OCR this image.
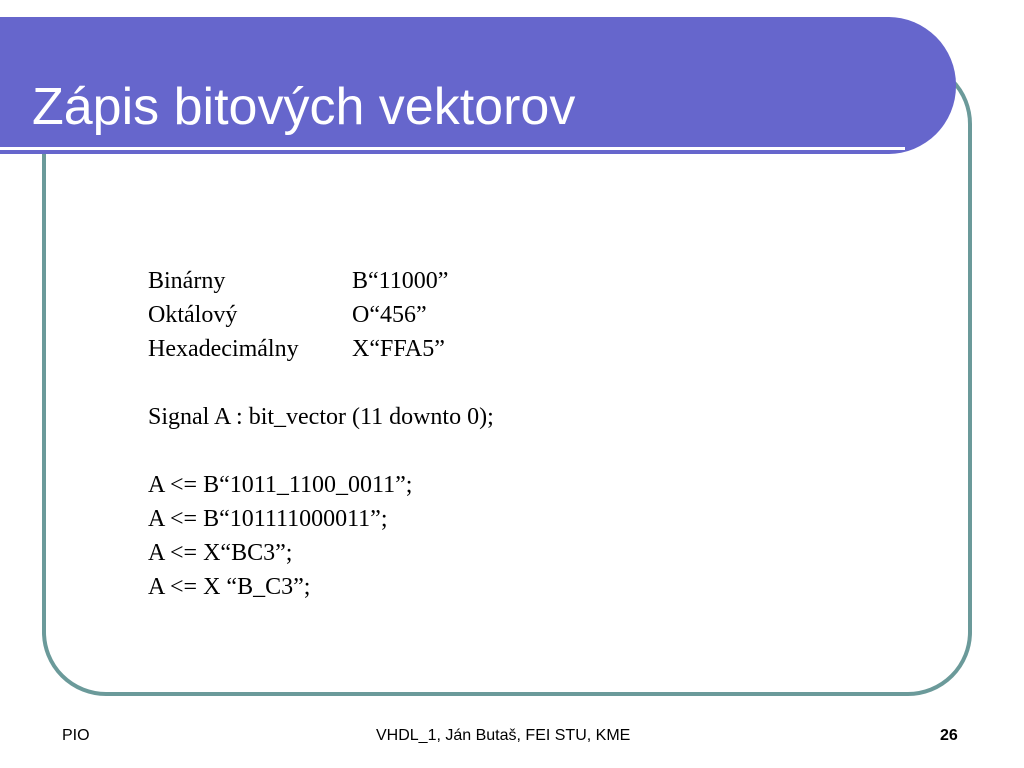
Zápis bitových vektorov
Binárny	B“11000”
Oktálový	O“456”
Hexadecimálny	X“FFA5”
Signal A : bit_vector (11 downto 0);
A <= B“1011_1100_0011”;
A <= B“101111000011”;
A <= X“BC3”;
A <= X “B_C3”;
PIO	VHDL_1, Ján Butaš, FEI STU, KME	26
